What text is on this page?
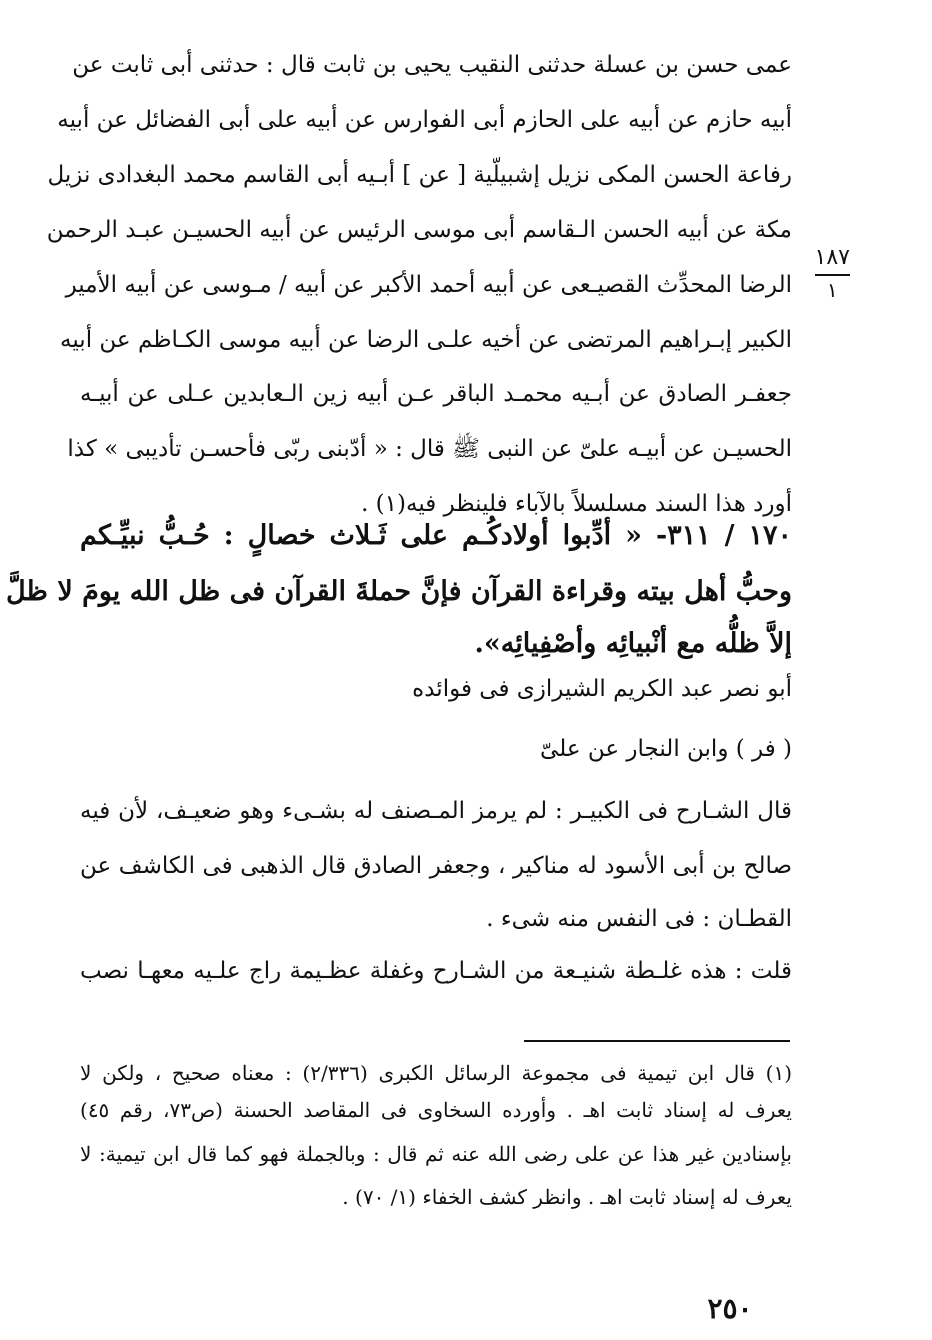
عمى حسن بن عسلة حدثنى النقيب يحيى بن ثابت قال : حدثنى أبى ثابت عن
أبيه حازم عن أبيه على الحازم أبى الفوارس عن أبيه على أبى الفضائل عن أبيه
رفاعة الحسن المكى نزيل إشبيلّية [ عن ] أبـيه أبى القاسم محمد البغدادى نزيل
مكة عن أبيه الحسن الـقاسم أبى موسى الرئيس عن أبيه الحسيـن عبـد الرحمن
الرضا المحدِّث القصيـعى عن أبيه أحمد الأكبر عن أبيه / مـوسى عن أبيه الأمير
الكبير إبـراهيم المرتضى عن أخيه علـى الرضا عن أبيه موسى الكـاظم عن أبيه
جعفـر الصادق عن أبـيه محمـد الباقر عـن أبيه زين الـعابدين عـلى عن أبيـه
الحسيـن عن أبيـه علىّ عن النبى ﷺ قال : « أدّبنى ربّى فأحسـن تأديبى » كذا
أورد هذا السند مسلسلاً بالآباء فلينظر فيه(١) .
١٨٧
١
١٧٠ / ٣١١- « أدِّبوا أولادكُـم على ثَـلاث خصالٍ : حُـبُّ نبيِّـكم
وحبُّ أهل بيته وقراءة القرآن فإنَّ حملةَ القرآن فى ظل الله يومَ لا ظلَّ
إلاَّ ظلُّه مع أنْبيائِه وأصْفِيائِه».
أبو نصر عبد الكريم الشيرازى فى فوائده
( فر ) وابن النجار عن علىّ
قال الشـارح فى الكبيـر : لم يرمز المـصنف له بشـىء وهو ضعيـف، لأن فيه
صالح بن أبى الأسود له مناكير ، وجعفر الصادق قال الذهبى فى الكاشف عن
القطـان : فى النفس منه شىء .
قلت : هذه غلـطة شنيـعة من الشـارح وغفلة عظـيمة راج علـيه معهـا نصب
(١) قال ابن تيمية فى مجموعة الرسائل الكبرى (٢/٣٣٦) : معناه صحيح ، ولكن لا
يعرف له إسناد ثابت اهـ . وأورده السخاوى فى المقاصد الحسنة (ص٧٣، رقم ٤٥)
بإسنادين غير هذا عن على رضى الله عنه ثم قال : وبالجملة فهو كما قال ابن تيمية: لا
يعرف له إسناد ثابت اهـ . وانظر كشف الخفاء (١/ ٧٠) .
٢٥٠
